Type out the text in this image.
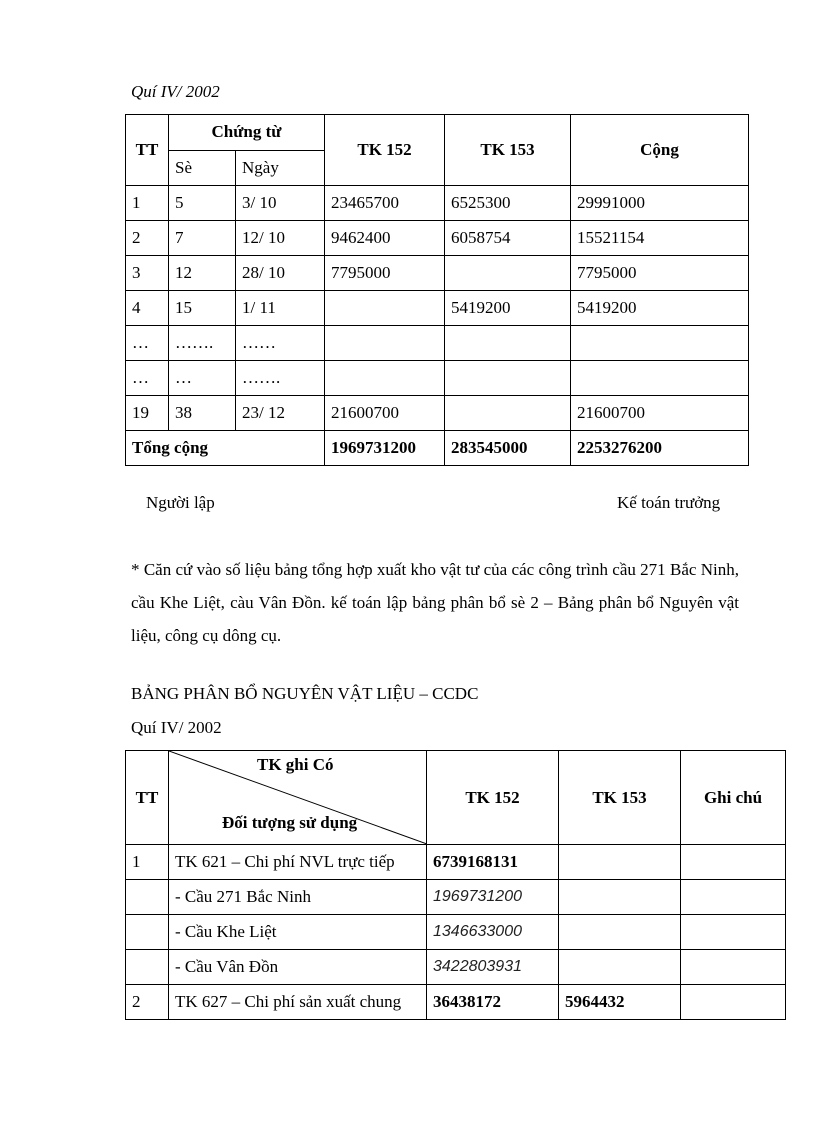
Quí IV/ 2002
TT	Chứng từ		TK 152	TK 153	Cộng
	Sè	Ngày			
1	5	3/ 10	23465700	6525300	29991000
2	7	12/ 10	9462400	6058754	15521154
3	12	28/ 10	7795000		7795000
4	15	1/ 11		5419200	5419200
…	…….	……			
…	…	…….			
19	38	23/ 12	21600700		21600700
Tổng cộng			1969731200	283545000	2253276200
Người lập	Kế toán trưởng
* Căn cứ vào số liệu bảng tổng hợp xuất kho vật tư của các công trình cầu 271 Bắc Ninh, cầu Khe Liệt, càu Vân Đồn. kế toán lập bảng phân bổ sè 2 – Bảng phân bổ Nguyên vật liệu, công cụ dông cụ.
BẢNG PHÂN BỔ NGUYÊN VẬT LIỆU – CCDC
Quí IV/ 2002
TT	TK ghi Có
Đối tượng sử dụng	TK 152	TK 153	Ghi chú
1	TK 621 – Chi phí NVL trực tiếp	6739168131		
	- Cầu 271 Bắc Ninh	1969731200		
	- Cầu Khe Liệt	1346633000		
	- Cầu Vân Đồn	3422803931		
2	TK 627 – Chi phí sản xuất chung	36438172	5964432	
